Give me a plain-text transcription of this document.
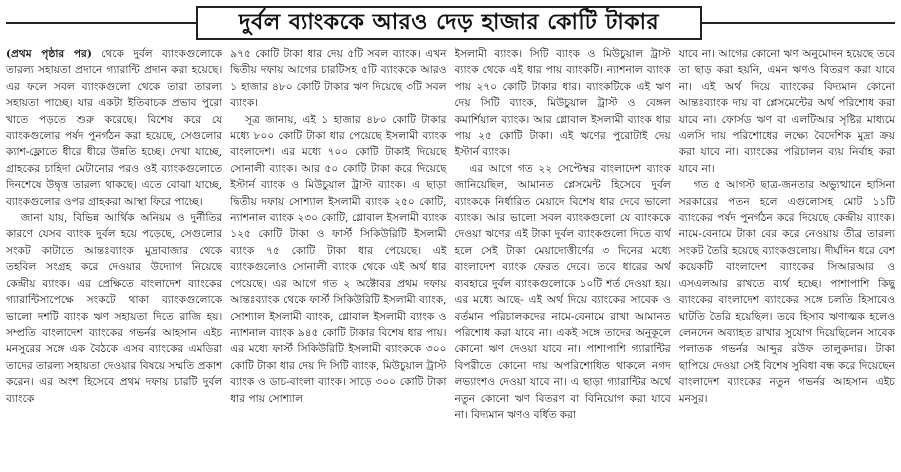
দুর্বল ব্যাংককে আরও দেড় হাজার কোটি টাকার

(প্রথম পৃষ্ঠার পর) থেকে দুর্বল ব্যাংকগুলোকে তারল্য সহায়তা প্রদানে গ্যারান্টি প্রদান করা হয়েছে। এর ফলে সবল ব্যাংকগুলো থেকে তারা তারল্য সহায়তা পাচ্ছে। যার একটা ইতিবাচক প্রভাব পুরো খাতে পড়তে শুরু করেছে। বিশেষ করে যে ব্যাংকগুলোর পর্ষদ পুনর্গঠন করা হয়েছে, সেগুলোর ক্যাশ-ফ্লোতে ধীরে ধীরে উন্নতি হচ্ছে। দেখা যাচ্ছে, গ্রাহকের চাহিদা মেটানোর পরও ওই ব্যাংকগুলোতে দিনশেষে উদ্বৃত্ত তারল্য থাকছে। এতে বোঝা যাচ্ছে, ব্যাংকগুলোর ওপর গ্রাহকরা আস্থা ফিরে পাচ্ছে।

জানা যায়, বিভিন্ন আর্থিক অনিয়ম ও দুর্নীতির কারণে যেসব ব্যাংক দুর্বল হয়ে পড়েছে, সেগুলোর সংকট কাটাতে আন্তঃব্যাংক মুদ্রাবাজার থেকে তহবিল সংগ্রহ করে দেওয়ার উদ্যোগ নিয়েছে কেন্দ্রীয় ব্যাংক। এর প্রেক্ষিতে বাংলাদেশ ব্যাংকের গ্যারান্টিসাপেক্ষে সংকটে থাকা ব্যাংকগুলোকে ভালো দশটি ব্যাংক ঋণ সহায়তা দিতে রাজি হয়। সম্প্রতি বাংলাদেশ ব্যাংকের গভর্নর আহসান এইচ মনসুরের সঙ্গে এক বৈঠকে এসব ব্যাংকের এমডিরা তাদের তারল্য সহায়তা দেওয়ার বিষয়ে সম্মতি প্রকাশ করেন। এর অংশ হিসেবে প্রথম দফায় চারটি দুর্বল ব্যাংকে

৯৭৫ কোটি টাকা ধার দেয় ৫টি সবল ব্যাংক। এখন দ্বিতীয় দফায় আগের চারটিসহ ৫টি ব্যাংককে আরও ১ হাজার ৪৮০ কোটি টাকার ঋণ দিয়েছে ৩টি সবল ব্যাংক।

সূত্র জানায়, এই ১ হাজার ৪৮০ কোটি টাকার মধ্যে ৮০০ কোটি টাকা ধার পেয়েছে ইসলামী ব্যাংক বাংলাদেশ। এর মধ্যে ৭০০ কোটি টাকাই দিয়েছে সোনালী ব্যাংক। আর ৫০ কোটি টাকা করে দিয়েছে ইস্টার্ন ব্যাংক ও মিউচুয়াল ট্রাস্ট ব্যাংক। এ ছাড়া দ্বিতীয় দফায় সোশ্যাল ইসলামী ব্যাংক ২৫০ কোটি, ন্যাশনাল ব্যাংক ২৩০ কোটি, গ্লোবাল ইসলামী ব্যাংক ১২৫ কোটি টাকা ও ফার্স্ট সিকিউরিটি ইসলামী ব্যাংক ৭৫ কোটি টাকা ধার পেয়েছে। এই ব্যাংকগুলোও সোনালী ব্যাংক থেকে এই অর্থ ধার পেয়েছে। এর আগে গত ২ অক্টোবর প্রথম দফায় আন্তঃব্যাংক থেকে ফার্স্ট সিকিউরিটি ইসলামী ব্যাংক, সোশ্যাল ইসলামী ব্যাংক, গ্লোবাল ইসলামী ব্যাংক ও ন্যাশনাল ব্যাংক ৯৪৫ কোটি টাকার বিশেষ ধার পায়। এর মধ্যে ফার্স্ট সিকিউরিটি ইসলামী ব্যাংককে ৩০০ কোটি টাকা ধার দেয় দি সিটি ব্যাংক, মিউচুয়াল ট্রাস্ট ব্যাংক ও ডাচ-বাংলা ব্যাংক। সাড়ে ৩০০ কোটি টাকা ধার পায় সোশ্যাল

ইসলামী ব্যাংক। সিটি ব্যাংক ও মিউচুয়াল ট্রাস্ট ব্যাংক থেকে এই ধার পায় ব্যাংকটি। ন্যাশনাল ব্যাংক পায় ২৭০ কোটি টাকার ধার। ব্যাংকটিকে এই ঋণ দেয় সিটি ব্যাংক, মিউচুয়াল ট্রাস্ট ও বেঙ্গল কমার্শিয়াল ব্যাংক। আর গ্লোবাল ইসলামী ব্যাংক ধার পায় ২৫ কোটি টাকা। এই ঋণের পুরোটাই দেয় ইস্টার্ন ব্যাংক।

এর আগে গত ২২ সেপ্টেম্বর বাংলাদেশ ব্যাংক জানিয়েছিল, আমানত প্লেসমেন্ট হিসেবে দুর্বল ব্যাংককে নির্ধারিত মেয়াদে বিশেষ ধার দেবে ভালো ব্যাংক। আর ভালো সবল ব্যাংকগুলো যে ব্যাংককে দেওয়া ঋণের এই টাকা দুর্বল ব্যাংকগুলো দিতে ব্যর্থ হলে সেই টাকা মেয়াদোত্তীর্ণের ৩ দিনের মধ্যে বাংলাদেশ ব্যাংক ফেরত দেবে। তবে ধারের অর্থ ব্যবহারে দুর্বল ব্যাংকগুলোকে ১০টি শর্ত দেওয়া হয়। এর মধ্যে আছে- এই অর্থ দিয়ে ব্যাংকের সাবেক ও বর্তমান পরিচালকদের নামে-বেনামে রাখা আমানত পরিশোধ করা যাবে না। একই সঙ্গে তাদের অনুকূলে কোনো ঋণ দেওয়া যাবে না। পাশাপাশি গ্যারান্টির বিপরীতে কোনো দায় অপরিশোধিত থাকলে নগদ লভ্যাংশও দেওয়া যাবে না। এ ছাড়া গ্যারান্টির অর্থে নতুন কোনো ঋণ বিতরণ বা বিনিয়োগ করা যাবে না। বিদ্যমান ঋণও বর্ধিত করা

যাবে না। আগের কোনো ঋণ অনুমোদন হয়েছে তবে তা ছাড় করা হয়নি, এমন ঋণও বিতরণ করা যাবে না। এই অর্থ দিয়ে ব্যাংকের বিদ্যমান কোনো আন্তঃব্যাংক দায় বা প্লেসমেন্টের অর্থ পরিশোধ করা যাবে না। ফোর্সড ঋণ বা এলটিআর সৃষ্টির মাধ্যমে এলসি দায় পরিশোধের লক্ষ্যে বৈদেশিক মুদ্রা ক্রয় করা যাবে না। ব্যাংকের পরিচালন ব্যয় নির্বাহ করা যাবে না।

গত ৫ আগস্ট ছাত্র-জনতার অভ্যুত্থানে হাসিনা সরকারের পতন হলে এগুলোসহ মোট ১১টি ব্যাংকের পর্ষদ পুনর্গঠন করে দিয়েছে কেন্দ্রীয় ব্যাংক। নামে-বেনামে টাকা বের করে নেওয়ায় তীব্র তারল্য সংকট তৈরি হয়েছে ব্যাংকগুলোয়। দীর্ঘদিন ধরে বেশ কয়েকটি বাংলাদেশ ব্যাংকের সিআরআর ও এসএলআর রাখতে ব্যর্থ হচ্ছে। পাশাপাশি কিছু ব্যাংকের বাংলাদেশ ব্যাংকের সঙ্গে চলতি হিসাবেও ঘাটতি তৈরি হয়েছিল। তবে হিসাব ঋণাত্মক হলেও লেনদেন অব্যাহত রাখার সুযোগ দিয়েছিলেন সাবেক পলাতক গভর্নর আব্দুর রউফ তালুকদার। টাকা ছাপিয়ে দেওয়া সেই বিশেষ সুবিধা বন্ধ করে দিয়েছেন বাংলাদেশ ব্যাংকের নতুন গভর্নর আহসান এইচ মনসুর।
